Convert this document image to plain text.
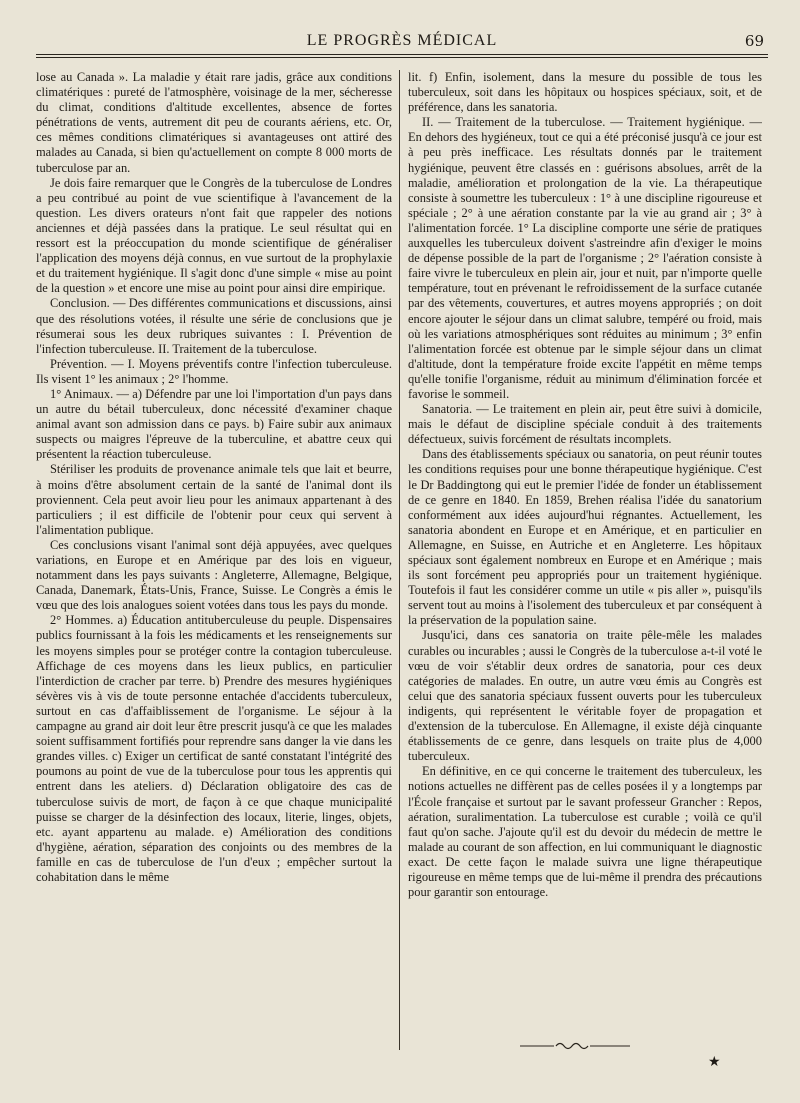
LE PROGRÈS MÉDICAL	69

lose au Canada ». La maladie y était rare jadis, grâce aux conditions climatériques : pureté de l'atmosphère, voisinage de la mer, sécheresse du climat, conditions d'altitude excellentes, absence de fortes pénétrations de vents, autrement dit peu de courants aériens, etc. Or, ces mêmes conditions climatériques si avantageuses ont attiré des malades au Canada, si bien qu'actuellement on compte 8 000 morts de tuberculose par an.

Je dois faire remarquer que le Congrès de la tuberculose de Londres a peu contribué au point de vue scientifique à l'avancement de la question. Les divers orateurs n'ont fait que rappeler des notions anciennes et déjà passées dans la pratique. Le seul résultat qui en ressort est la préoccupation du monde scientifique de généraliser l'application des moyens déjà connus, en vue surtout de la prophylaxie et du traitement hygiénique. Il s'agit donc d'une simple « mise au point de la question » et encore une mise au point pour ainsi dire empirique.

Conclusion. — Des différentes communications et discussions, ainsi que des résolutions votées, il résulte une série de conclusions que je résumerai sous les deux rubriques suivantes : I. Prévention de l'infection tuberculeuse. II. Traitement de la tuberculose.

Prévention. — I. Moyens préventifs contre l'infection tuberculeuse. Ils visent 1° les animaux ; 2° l'homme.

1° Animaux. — a) Défendre par une loi l'importation d'un pays dans un autre du bétail tuberculeux, donc nécessité d'examiner chaque animal avant son admission dans ce pays. b) Faire subir aux animaux suspects ou maigres l'épreuve de la tuberculine, et abattre ceux qui présentent la réaction tuberculeuse.

Stériliser les produits de provenance animale tels que lait et beurre, à moins d'être absolument certain de la santé de l'animal dont ils proviennent. Cela peut avoir lieu pour les animaux appartenant à des particuliers ; il est difficile de l'obtenir pour ceux qui servent à l'alimentation publique.

Ces conclusions visant l'animal sont déjà appuyées, avec quelques variations, en Europe et en Amérique par des lois en vigueur, notamment dans les pays suivants : Angleterre, Allemagne, Belgique, Canada, Danemark, États-Unis, France, Suisse. Le Congrès a émis le vœu que des lois analogues soient votées dans tous les pays du monde.

2° Hommes. a) Éducation antituberculeuse du peuple. Dispensaires publics fournissant à la fois les médicaments et les renseignements sur les moyens simples pour se protéger contre la contagion tuberculeuse. Affichage de ces moyens dans les lieux publics, en particulier l'interdiction de cracher par terre. b) Prendre des mesures hygiéniques sévères vis à vis de toute personne entachée d'accidents tuberculeux, surtout en cas d'affaiblissement de l'organisme. Le séjour à la campagne au grand air doit leur être prescrit jusqu'à ce que les malades soient suffisamment fortifiés pour reprendre sans danger la vie dans les grandes villes. c) Exiger un certificat de santé constatant l'intégrité des poumons au point de vue de la tuberculose pour tous les apprentis qui entrent dans les ateliers. d) Déclaration obligatoire des cas de tuberculose suivis de mort, de façon à ce que chaque municipalité puisse se charger de la désinfection des locaux, literie, linges, objets, etc. ayant appartenu au malade. e) Amélioration des conditions d'hygiène, aération, séparation des conjoints ou des membres de la famille en cas de tuberculose de l'un d'eux ; empêcher surtout la cohabitation dans le même

lit. f) Enfin, isolement, dans la mesure du possible de tous les tuberculeux, soit dans les hôpitaux ou hospices spéciaux, soit, et de préférence, dans les sanatoria.

II. — Traitement de la tuberculose. — Traitement hygiénique. — En dehors des hygiéneux, tout ce qui a été préconisé jusqu'à ce jour est à peu près inefficace. Les résultats donnés par le traitement hygiénique, peuvent être classés en : guérisons absolues, arrêt de la maladie, amélioration et prolongation de la vie. La thérapeutique consiste à soumettre les tuberculeux : 1° à une discipline rigoureuse et spéciale ; 2° à une aération constante par la vie au grand air ; 3° à l'alimentation forcée. 1° La discipline comporte une série de pratiques auxquelles les tuberculeux doivent s'astreindre afin d'exiger le moins de dépense possible de la part de l'organisme ; 2° l'aération consiste à faire vivre le tuberculeux en plein air, jour et nuit, par n'importe quelle température, tout en prévenant le refroidissement de la surface cutanée par des vêtements, couvertures, et autres moyens appropriés ; on doit encore ajouter le séjour dans un climat salubre, tempéré ou froid, mais où les variations atmosphériques sont réduites au minimum ; 3° enfin l'alimentation forcée est obtenue par le simple séjour dans un climat d'altitude, dont la température froide excite l'appétit en même temps qu'elle tonifie l'organisme, réduit au minimum d'élimination forcée et favorise le sommeil.

Sanatoria. — Le traitement en plein air, peut être suivi à domicile, mais le défaut de discipline spéciale conduit à des traitements défectueux, suivis forcément de résultats incomplets.

Dans des établissements spéciaux ou sanatoria, on peut réunir toutes les conditions requises pour une bonne thérapeutique hygiénique. C'est le Dr Baddingtong qui eut le premier l'idée de fonder un établissement de ce genre en 1840. En 1859, Brehen réalisa l'idée du sanatorium conformément aux idées aujourd'hui régnantes. Actuellement, les sanatoria abondent en Europe et en Amérique, et en particulier en Allemagne, en Suisse, en Autriche et en Angleterre. Les hôpitaux spéciaux sont également nombreux en Europe et en Amérique ; mais ils sont forcément peu appropriés pour un traitement hygiénique. Toutefois il faut les considérer comme un utile « pis aller », puisqu'ils servent tout au moins à l'isolement des tuberculeux et par conséquent à la préservation de la population saine.

Jusqu'ici, dans ces sanatoria on traite pêle-mêle les malades curables ou incurables ; aussi le Congrès de la tuberculose a-t-il voté le vœu de voir s'établir deux ordres de sanatoria, pour ces deux catégories de malades. En outre, un autre vœu émis au Congrès est celui que des sanatoria spéciaux fussent ouverts pour les tuberculeux indigents, qui représentent le véritable foyer de propagation et d'extension de la tuberculose. En Allemagne, il existe déjà cinquante établissements de ce genre, dans lesquels on traite plus de 4,000 tuberculeux.

En définitive, en ce qui concerne le traitement des tuberculeux, les notions actuelles ne diffèrent pas de celles posées il y a longtemps par l'École française et surtout par le savant professeur Grancher : Repos, aération, suralimentation. La tuberculose est curable ; voilà ce qu'il faut qu'on sache. J'ajoute qu'il est du devoir du médecin de mettre le malade au courant de son affection, en lui communiquant le diagnostic exact. De cette façon le malade suivra une ligne thérapeutique rigoureuse en même temps que de lui-même il prendra des précautions pour garantir son entourage.

★
